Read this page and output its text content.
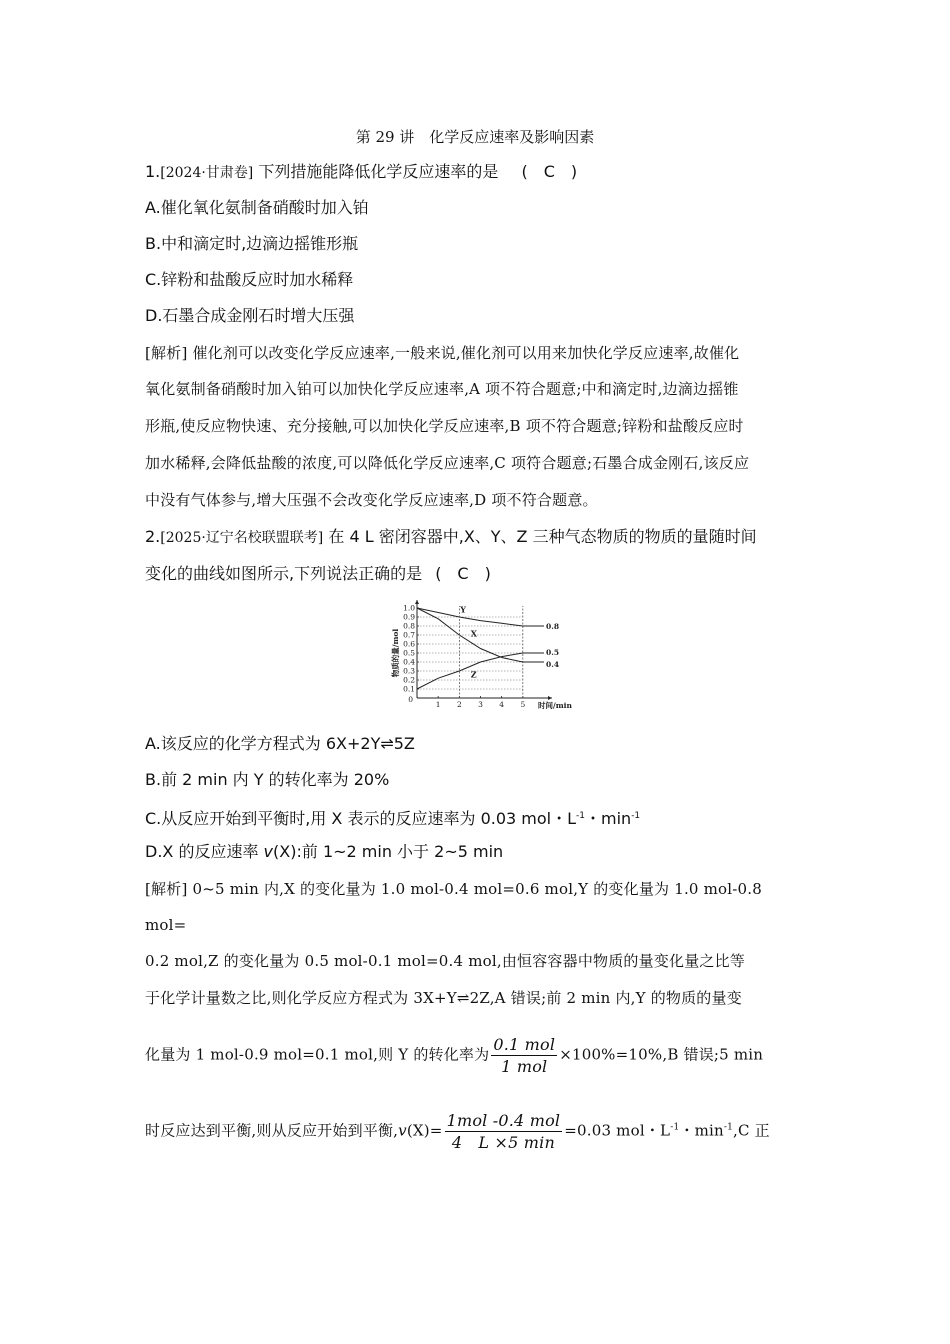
第 29 讲　化学反应速率及影响因素
1.[2024·甘肃卷] 下列措施能降低化学反应速率的是 (　C　)
A.催化氧化氨制备硝酸时加入铂
B.中和滴定时,边滴边摇锥形瓶
C.锌粉和盐酸反应时加水稀释
D.石墨合成金刚石时增大压强
[解析] 催化剂可以改变化学反应速率,一般来说,催化剂可以用来加快化学反应速率,故催化
氧化氨制备硝酸时加入铂可以加快化学反应速率,A 项不符合题意;中和滴定时,边滴边摇锥
形瓶,使反应物快速、充分接触,可以加快化学反应速率,B 项不符合题意;锌粉和盐酸反应时
加水稀释,会降低盐酸的浓度,可以降低化学反应速率,C 项符合题意;石墨合成金刚石,该反应
中没有气体参与,增大压强不会改变化学反应速率,D 项不符合题意。
2.[2025·辽宁名校联盟联考] 在 4 L 密闭容器中,X、Y、Z 三种气态物质的物质的量随时间
变化的曲线如图所示,下列说法正确的是 (　C　)
1.0
0.9
0.8
0.7
0.6
0.5
0.4
0.3
0.2
0.1
0
1 2 3 4 5 时间/min
物质的量/mol
Y
0.8
X
0.4
Z
0.5
A.该反应的化学方程式为 6X+2Y⇌5Z
B.前 2 min 内 Y 的转化率为 20%
C.从反应开始到平衡时,用 X 表示的反应速率为 0.03 mol・$L^{-1}$・$\min^{-1}$
D.X 的反应速率 v(X):前 1~2 min 小于 2~5 min
[解析] 0~5 min 内,X 的变化量为 1.0 mol-0.4 mol=0.6 mol,Y 的变化量为 1.0 mol-0.8
mol=
0.2 mol,Z 的变化量为 0.5 mol-0.1 mol=0.4 mol,由恒容容器中物质的量变化量之比等
于化学计量数之比,则化学反应方程式为 3X+Y⇌2Z,A 错误;前 2 min 内,Y 的物质的量变
化量为 1 mol-0.9 mol=0.1 mol,则 Y 的转化率为 $\frac{\text{0.1 mol}}{\text{1 mol}} \times 100\%=10\%,B$ 错误;5 min
时反应达到平衡,则从反应开始到平衡$,v(X)= \frac{\text{1mol -0.4 mol}}{4 L \times 5 \min} =0.03$ mol・$L^{-1}$・$\min^{-1},C$ 正
